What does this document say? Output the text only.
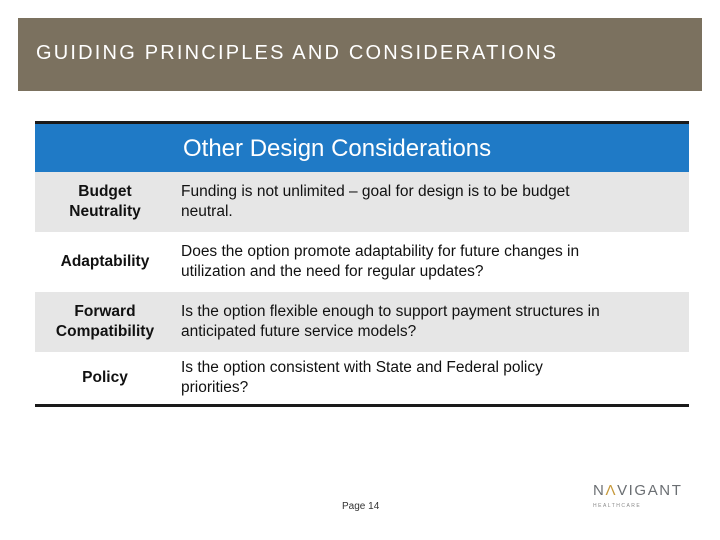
GUIDING PRINCIPLES AND CONSIDERATIONS
Other Design Considerations
Budget
Neutrality
Funding is not unlimited – goal for design is to be budget
neutral.
Adaptability
Does the option promote adaptability for future changes in
utilization and the need for regular updates?
Forward
Compatibility
Is the option flexible enough to support payment structures in
anticipated future service models?
Policy
Is the option consistent with State and Federal policy
priorities?
Page 14
NΛVIGANT
HEALTHCARE
